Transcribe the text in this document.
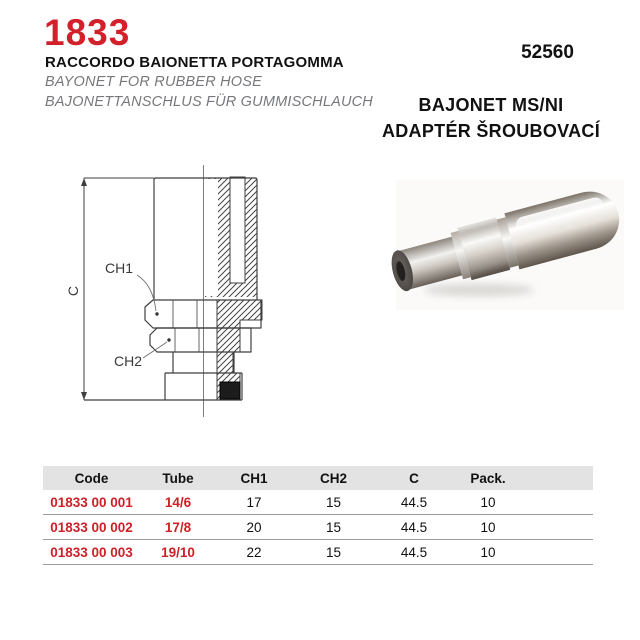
1833
RACCORDO BAIONETTA PORTAGOMMA
BAYONET FOR RUBBER HOSE
BAJONETTANSCHLUS FÜR GUMMISCHLAUCH
52560
BAJONET MS/NI
ADAPTÉR ŠROUBOVACÍ
C
CH1
CH2
Code	Tube	CH1	CH2	C	Pack.
01833 00 001	14/6	17	15	44.5	10
01833 00 002	17/8	20	15	44.5	10
01833 00 003	19/10	22	15	44.5	10
